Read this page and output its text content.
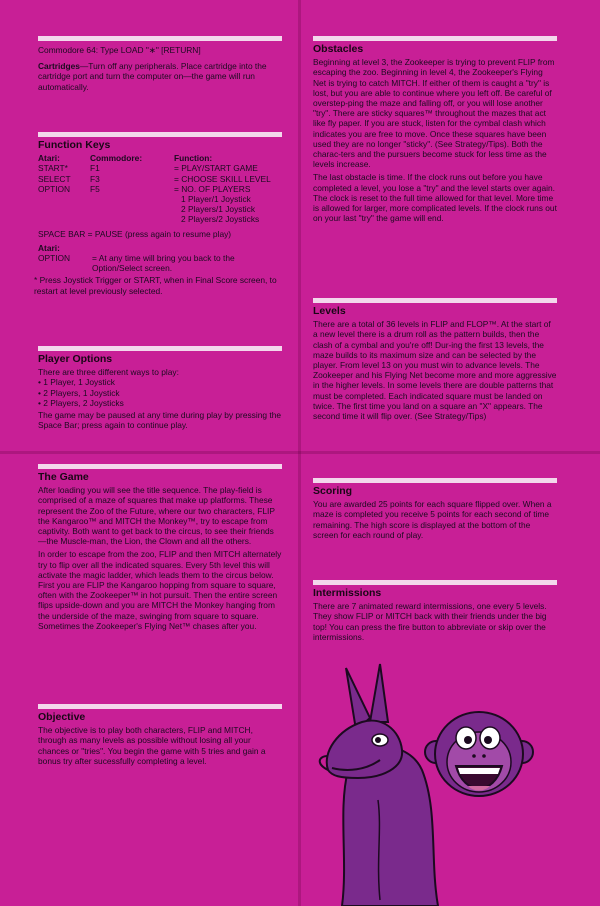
Commodore 64: Type LOAD "∗" [RETURN]

Cartridges—Turn off any peripherals. Place cartridge into the cartridge port and turn the computer on—the game will run automatically.

Function Keys
Atari:	Commodore:	Function:
START*	F1	= PLAY/START GAME
SELECT	F3	= CHOOSE SKILL LEVEL
OPTION	F5	= NO. OF PLAYERS
1 Player/1 Joystick
2 Players/1 Joystick
2 Players/2 Joysticks
SPACE BAR = PAUSE (press again to resume play)
Atari:
OPTION	= At any time will bring you back to the Option/Select screen.
* Press Joystick Trigger or START, when in Final Score screen, to restart at level previously selected.
Player Options

There are three different ways to play:

• 1 Player, 1 Joystick
• 2 Players, 1 Joystick
• 2 Players, 2 Joysticks

The game may be paused at any time during play by pressing the Space Bar; press again to continue play.

The Game

After loading you will see the title sequence. The play-field is comprised of a maze of squares that make up platforms. These represent the Zoo of the Future, where our two characters, FLIP the Kangaroo™ and MITCH the Monkey™, try to escape from captivity. Both want to get back to the circus, to see their friends—the Muscle-man, the Lion, the Clown and all the others.

In order to escape from the zoo, FLIP and then MITCH alternately try to flip over all the indicated squares. Every 5th level this will activate the magic ladder, which leads them to the circus below. First you are FLIP the Kangaroo hopping from square to square, often with the Zookeeper™ in hot pursuit. Then the entire screen flips upside-down and you are MITCH the Monkey hanging from the underside of the maze, swinging from square to square. Sometimes the Zookeeper's Flying Net™ chases after you.

Objective

The objective is to play both characters, FLIP and MITCH, through as many levels as possible without losing all your chances or "tries". You begin the game with 5 tries and gain a bonus try after sucessfully completing a level.

Obstacles

Beginning at level 3, the Zookeeper is trying to prevent FLIP from escaping the zoo. Beginning in level 4, the Zookeeper's Flying Net is trying to catch MITCH. If either of them is caught a "try" is lost, but you are able to continue where you left off. Be careful of overstep-ping the maze and falling off, or you will lose another "try". There are sticky squares™ throughout the mazes that act like fly paper. If you are stuck, listen for the cymbal clash which indicates you are free to move. Once these squares have been used they are no longer "sticky". (See Strategy/Tips). Both the charac-ters and the pursuers become stuck for less time as the levels increase.

The last obstacle is time. If the clock runs out before you have completed a level, you lose a "try" and the level starts over again. The clock is reset to the full time allowed for that level. More time is allowed for larger, more complicated levels. If the clock runs out on your last "try" the game will end.

Levels

There are a total of 36 levels in FLIP and FLOP™. At the start of a new level there is a drum roll as the pattern builds, then the clash of a cymbal and you're off! Dur-ing the first 13 levels, the maze builds to its maximum size and can be selected by the player. From level 13 on you must win to advance levels. The Zookeeper and his Flying Net become more and more aggressive in the higher levels. In some levels there are double patterns that must be completed. Each indicated square must be landed on twice. The first time you land on a square an "X" appears. The second time it will flip over. (See Strategy/Tips)

Scoring

You are awarded 25 points for each square flipped over. When a maze is completed you receive 5 points for each second of time remaining. The high score is displayed at the bottom of the screen for each round of play.

Intermissions

There are 7 animated reward intermissions, one every 5 levels. They show FLIP or MITCH back with their friends under the big top! You can press the fire button to abbreviate or skip over the intermissions.
